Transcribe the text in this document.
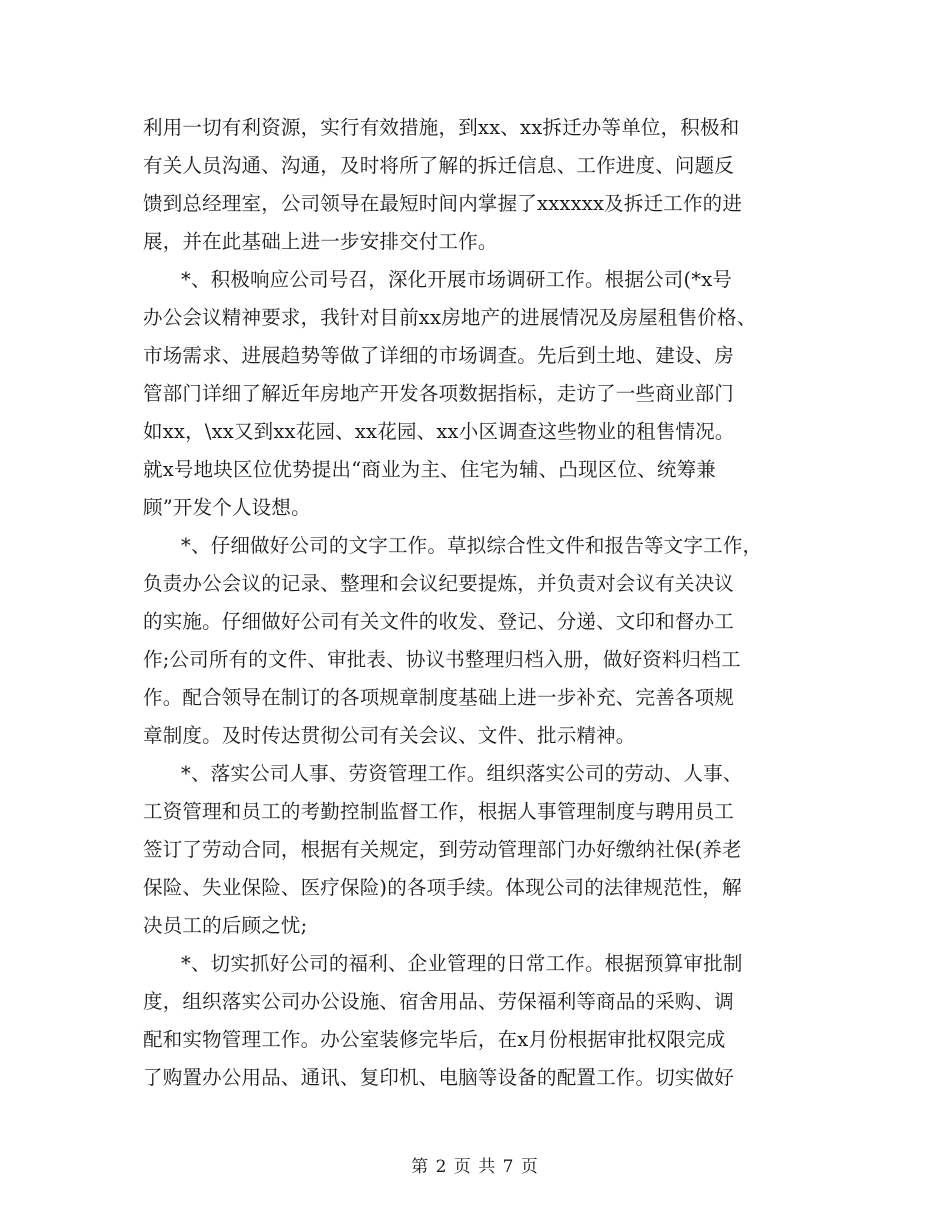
利用一切有利资源，实行有效措施，到xx、xx拆迁办等单位，积极和
有关人员沟通、沟通，及时将所了解的拆迁信息、工作进度、问题反
馈到总经理室，公司领导在最短时间内掌握了xxxxxx及拆迁工作的进
展，并在此基础上进一步安排交付工作。
*、积极响应公司号召，深化开展市场调研工作。根据公司(*x号
办公会议精神要求，我针对目前xx房地产的进展情况及房屋租售价格、
市场需求、进展趋势等做了详细的市场调查。先后到土地、建设、房
管部门详细了解近年房地产开发各项数据指标，走访了一些商业部门
如xx，\xx又到xx花园、xx花园、xx小区调查这些物业的租售情况。
就x号地块区位优势提出“商业为主、住宅为辅、凸现区位、统筹兼
顾”开发个人设想。
*、仔细做好公司的文字工作。草拟综合性文件和报告等文字工作，
负责办公会议的记录、整理和会议纪要提炼，并负责对会议有关决议
的实施。仔细做好公司有关文件的收发、登记、分递、文印和督办工
作;公司所有的文件、审批表、协议书整理归档入册，做好资料归档工
作。配合领导在制订的各项规章制度基础上进一步补充、完善各项规
章制度。及时传达贯彻公司有关会议、文件、批示精神。
*、落实公司人事、劳资管理工作。组织落实公司的劳动、人事、
工资管理和员工的考勤控制监督工作，根据人事管理制度与聘用员工
签订了劳动合同，根据有关规定，到劳动管理部门办好缴纳社保(养老
保险、失业保险、医疗保险)的各项手续。体现公司的法律规范性，解
决员工的后顾之忧;
*、切实抓好公司的福利、企业管理的日常工作。根据预算审批制
度，组织落实公司办公设施、宿舍用品、劳保福利等商品的采购、调
配和实物管理工作。办公室装修完毕后，在x月份根据审批权限完成
了购置办公用品、通讯、复印机、电脑等设备的配置工作。切实做好
第 2 页 共 7 页
